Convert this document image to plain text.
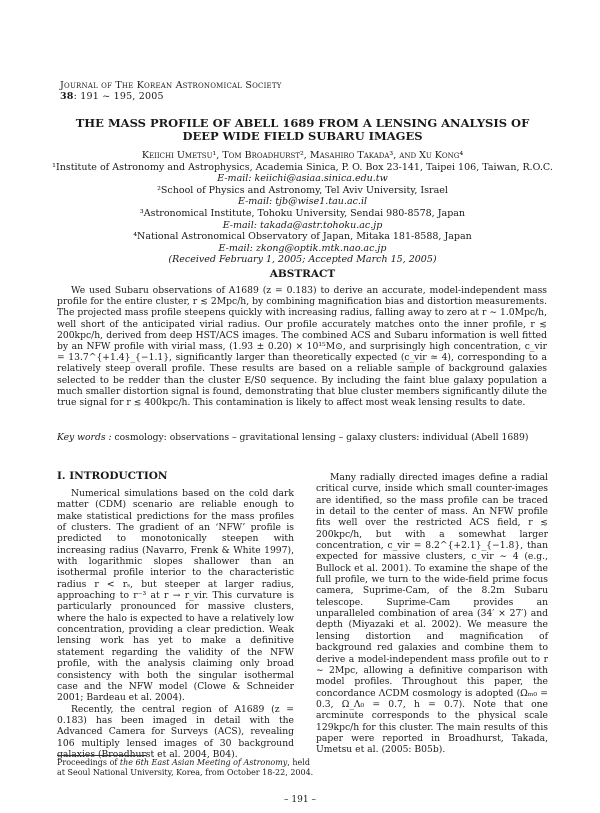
Journal of The Korean Astronomical Society
38: 191 ~ 195, 2005
THE MASS PROFILE OF ABELL 1689 FROM A LENSING ANALYSIS OF
DEEP WIDE FIELD SUBARU IMAGES
Keiichi Umetsu¹, Tom Broadhurst², Masahiro Takada³, and Xu Kong⁴
¹Institute of Astronomy and Astrophysics, Academia Sinica, P. O. Box 23-141, Taipei 106, Taiwan, R.O.C.
E-mail: keiichi@asiaa.sinica.edu.tw
²School of Physics and Astronomy, Tel Aviv University, Israel
E-mail: tjb@wise1.tau.ac.il
³Astronomical Institute, Tohoku University, Sendai 980-8578, Japan
E-mail: takada@astr.tohoku.ac.jp
⁴National Astronomical Observatory of Japan, Mitaka 181-8588, Japan
E-mail: zkong@optik.mtk.nao.ac.jp
(Received February 1, 2005; Accepted March 15, 2005)
ABSTRACT
We used Subaru observations of A1689 (z = 0.183) to derive an accurate, model-independent mass profile for the entire cluster, r ≲ 2Mpc/h, by combining magnification bias and distortion measurements. The projected mass profile steepens quickly with increasing radius, falling away to zero at r ∼ 1.0Mpc/h, well short of the anticipated virial radius. Our profile accurately matches onto the inner profile, r ≲ 200kpc/h, derived from deep HST/ACS images. The combined ACS and Subaru information is well fitted by an NFW profile with virial mass, (1.93 ± 0.20) × 10¹⁵M⊙, and surprisingly high concentration, c_vir = 13.7^{+1.4}_{−1.1}, significantly larger than theoretically expected (c_vir ≃ 4), corresponding to a relatively steep overall profile. These results are based on a reliable sample of background galaxies selected to be redder than the cluster E/S0 sequence. By including the faint blue galaxy population a much smaller distortion signal is found, demonstrating that blue cluster members significantly dilute the true signal for r ≲ 400kpc/h. This contamination is likely to affect most weak lensing results to date.
Key words : cosmology: observations – gravitational lensing – galaxy clusters: individual (Abell 1689)
I. INTRODUCTION

Numerical simulations based on the cold dark matter (CDM) scenario are reliable enough to make statistical predictions for the mass profiles of clusters. The gradient of an ‘NFW’ profile is predicted to monotonically steepen with increasing radius (Navarro, Frenk & White 1997), with logarithmic slopes shallower than an isothermal profile interior to the characteristic radius r < rₛ, but steeper at larger radius, approaching to r⁻³ at r → r_vir. This curvature is particularly pronounced for massive clusters, where the halo is expected to have a relatively low concentration, providing a clear prediction. Weak lensing work has yet to make a definitive statement regarding the validity of the NFW profile, with the analysis claiming only broad consistency with both the singular isothermal case and the NFW model (Clowe & Schneider 2001; Bardeau et al. 2004).

Recently, the central region of A1689 (z = 0.183) has been imaged in detail with the Advanced Camera for Surveys (ACS), revealing 106 multiply lensed images of 30 background galaxies (Broadhurst et al. 2004, B04).

Many radially directed images define a radial critical curve, inside which small counter-images are identified, so the mass profile can be traced in detail to the center of mass. An NFW profile fits well over the restricted ACS field, r ≲ 200kpc/h, but with a somewhat larger concentration, c_vir = 8.2^{+2.1}_{−1.8}, than expected for massive clusters, c_vir ∼ 4 (e.g., Bullock et al. 2001). To examine the shape of the full profile, we turn to the wide-field prime focus camera, Suprime-Cam, of the 8.2m Subaru telescope. Suprime-Cam provides an unparalleled combination of area (34′ × 27′) and depth (Miyazaki et al. 2002). We measure the lensing distortion and magnification of background red galaxies and combine them to derive a model-independent mass profile out to r ∼ 2Mpc, allowing a definitive comparison with model profiles. Throughout this paper, the concordance ΛCDM cosmology is adopted (Ωₘ₀ = 0.3, Ω_Λ₀ = 0.7, h = 0.7). Note that one arcminute corresponds to the physical scale 129kpc/h for this cluster. The main results of this paper were reported in Broadhurst, Takada, Umetsu et al. (2005: B05b).

Proceedings of the 6th East Asian Meeting of Astronomy, held at Seoul National University, Korea, from October 18-22, 2004.
– 191 –
